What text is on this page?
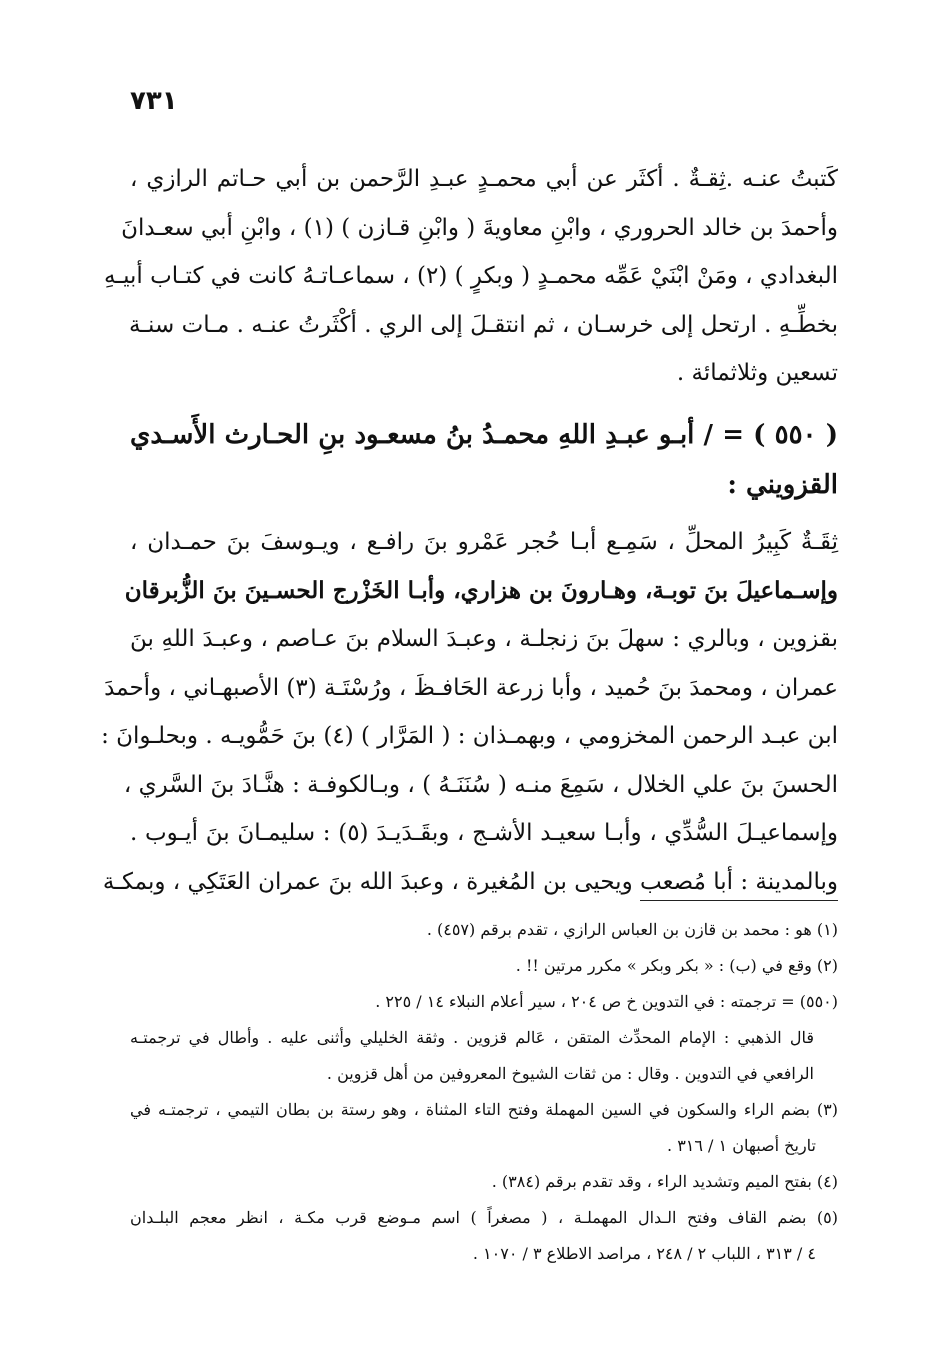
٧٣١
كَتبتُ عنـه .ثِقـةٌ . أكثَر عن أبي محمـدٍ عبـدِ الرَّحمن بن أبي حـاتم الرازي ،
وأحمدَ بن خالد الحروري ، وابْنِ معاويةَ ( وابْنِ قـازن ) (١) ، وابْنِ أبي سعـدانَ
البغدادي ، ومَنْ ابْنَيْ عَمِّه محمـدٍ ( وبكرٍ ) (٢) ، سماعـاتـهُ كانت في كتـاب أبيـهِ
بخطِّـهِ . ارتحل إلى خرسـان ، ثم انتقـلَ إلى الري . أكْثَرتُ عنـه . مـات سنـة
تسعين وثلاثمائة .
( ٥٥٠ ) = / أبـو عبـدِ اللهِ محمـدُ بنُ مسعـود بنِ الحـارث الأَسـدي
القزويني :
ثِقَـةٌ كَبِيرُ المحلِّ ، سَمِـع أبـا حُجر عَمْرو بنَ رافـع ، ويـوسفَ بنَ حمـدان ،
وإسـماعيلَ بنَ توبـة، وهـارونَ بن هزاري، وأبـا الخَزْرج الحسـينَ بنَ الزُّبرقان
بقزوين ، وبالري : سهلَ بنَ زنجلـة ، وعبـدَ السلام بنَ عـاصم ، وعبـدَ اللهِ بنَ
عمران ، ومحمدَ بنَ حُميد ، وأبا زرعة الحَافـظَ ، ورُسْتَـة (٣) الأصبهـاني ، وأحمدَ
ابن عبـد الرحمن المخزومي ، وبهمـذان : ( المَرَّار ) (٤) بنَ حَمُّويـه . وبحلـوانَ :
الحسنَ بنَ علي الخلال ، سَمِعَ منـه ( سُنَنَـهُ ) ، وبـالكوفـة : هنَّـادَ بنَ السَّري ،
وإسماعيـلَ السُّدِّي ، وأبـا سعيـد الأشـج ، وبقَـدَيـدَ (٥) : سليمـانَ بنَ أيـوب .
وبالمدينة : أبا مُصعب ويحيى بن المُغيرة ، وعبدَ الله بنَ عمران العَتَكِي ، وبمكـة
(١) هو : محمد بن قازن بن العباس الرازي ، تقدم برقم (٤٥٧) .
(٢) وقع في (ب) : « بكر وبكر » مكرر مرتين !! .
(٥٥٠) = ترجمته : في التدوين خ ص ٢٠٤ ، سير أعلام النبلاء ١٤ / ٢٢٥ .
قال الذهبي : الإمام المحدِّث المتقن ، عَالم قزوين . وثقة الخليلي وأثنى عليه . وأطال في ترجمتـه
الرافعي في التدوين . وقال : من ثقات الشيوخ المعروفين من أهل قزوين .
(٣) بضم الراء والسكون في السين المهملة وفتح التاء المثناة ، وهو رستة بن بطان التيمي ، ترجمتـه في
تاريخ أصبهان ١ / ٣١٦ .
(٤) بفتح الميم وتشديد الراء ، وقد تقدم برقم (٣٨٤) .
(٥) بضم القاف وفتح الـدال المهملـة ، ( مصغراً ) اسم مـوضع قرب مكـة ، انظر معجم البلـدان
٤ / ٣١٣ ، اللباب ٢ / ٢٤٨ ، مراصد الاطلاع ٣ / ١٠٧٠ .
